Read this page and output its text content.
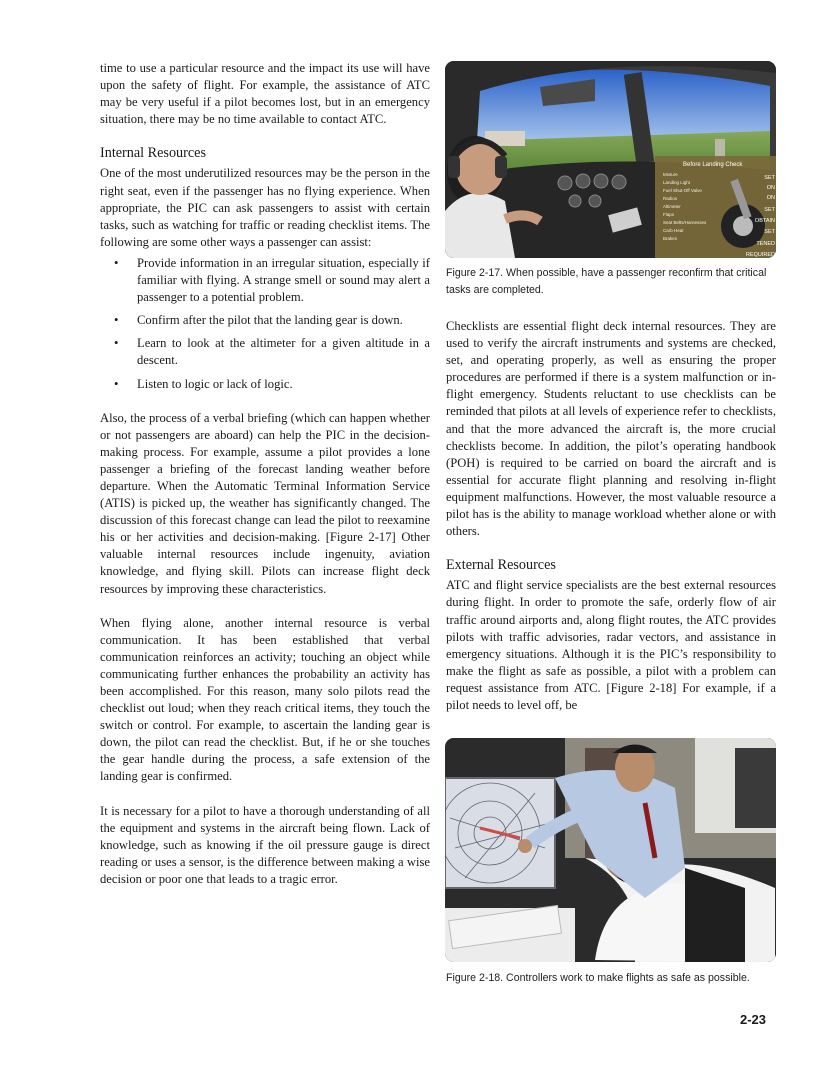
time to use a particular resource and the impact its use will have upon the safety of flight. For example, the assistance of ATC may be very useful if a pilot becomes lost, but in an emergency situation, there may be no time available to contact ATC.

Internal Resources

One of the most underutilized resources may be the person in the right seat, even if the passenger has no flying experience. When appropriate, the PIC can ask passengers to assist with certain tasks, such as watching for traffic or reading checklist items. The following are some other ways a passenger can assist:

• Provide information in an irregular situation, especially if familiar with flying. A strange smell or sound may alert a passenger to a potential problem.
• Confirm after the pilot that the landing gear is down.
• Learn to look at the altimeter for a given altitude in a descent.
• Listen to logic or lack of logic.

Also, the process of a verbal briefing (which can happen whether or not passengers are aboard) can help the PIC in the decision-making process. For example, assume a pilot provides a lone passenger a briefing of the forecast landing weather before departure. When the Automatic Terminal Information Service (ATIS) is picked up, the weather has significantly changed. The discussion of this forecast change can lead the pilot to reexamine his or her activities and decision-making. [Figure 2-17] Other valuable internal resources include ingenuity, aviation knowledge, and flying skill. Pilots can increase flight deck resources by improving these characteristics.

When flying alone, another internal resource is verbal communication. It has been established that verbal communication reinforces an activity; touching an object while communicating further enhances the probability an activity has been accomplished. For this reason, many solo pilots read the checklist out loud; when they reach critical items, they touch the switch or control. For example, to ascertain the landing gear is down, the pilot can read the checklist. But, if he or she touches the gear handle during the process, a safe extension of the landing gear is confirmed.

It is necessary for a pilot to have a thorough understanding of all the equipment and systems in the aircraft being flown. Lack of knowledge, such as knowing if the oil pressure gauge is direct reading or uses a sensor, is the difference between making a wise decision or poor one that leads to a tragic error.

Before Landing Check
Mixture
Landing Light
Fuel Shut-Off Valve
Radios
Altimeter
Flaps
Seat Belts/Harnesses
Carb Heat
Brakes
SET
ON
ON
SET
OBTAIN
SET
TENED
REQUIRED
Figure 2-17. When possible, have a passenger reconfirm that critical tasks are completed.

Checklists are essential flight deck internal resources. They are used to verify the aircraft instruments and systems are checked, set, and operating properly, as well as ensuring the proper procedures are performed if there is a system malfunction or in-flight emergency. Students reluctant to use checklists can be reminded that pilots at all levels of experience refer to checklists, and that the more advanced the aircraft is, the more crucial checklists become. In addition, the pilot’s operating handbook (POH) is required to be carried on board the aircraft and is essential for accurate flight planning and resolving in-flight equipment malfunctions. However, the most valuable resource a pilot has is the ability to manage workload whether alone or with others.

External Resources

ATC and flight service specialists are the best external resources during flight. In order to promote the safe, orderly flow of air traffic around airports and, along flight routes, the ATC provides pilots with traffic advisories, radar vectors, and assistance in emergency situations. Although it is the PIC’s responsibility to make the flight as safe as possible, a pilot with a problem can request assistance from ATC. [Figure 2-18] For example, if a pilot needs to level off, be

Figure 2-18. Controllers work to make flights as safe as possible.
2-23
